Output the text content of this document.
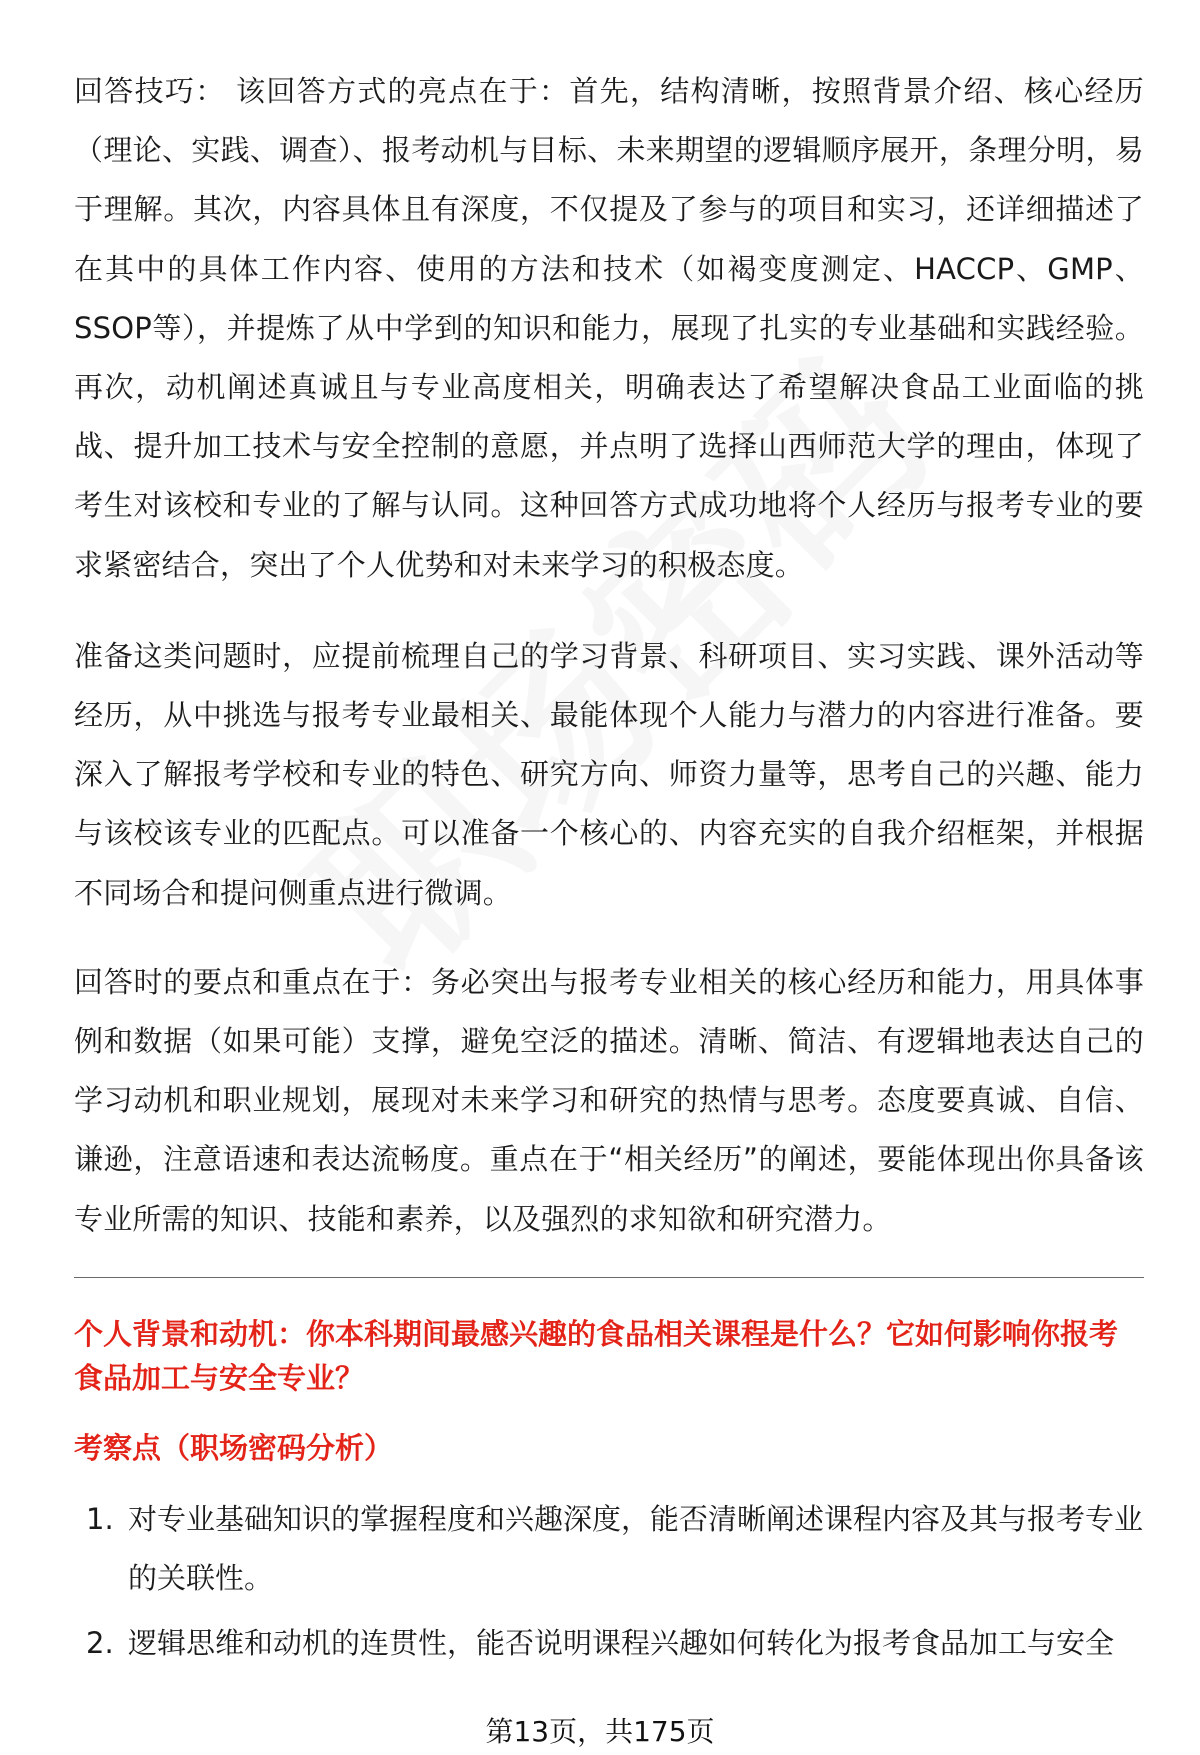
回答技巧： 该回答方式的亮点在于：首先，结构清晰，按照背景介绍、核心经历（理论、实践、调查）、报考动机与目标、未来期望的逻辑顺序展开，条理分明，易于理解。其次，内容具体且有深度，不仅提及了参与的项目和实习，还详细描述了在其中的具体工作内容、使用的方法和技术（如褐变度测定、HACCP、GMP、SSOP等），并提炼了从中学到的知识和能力，展现了扎实的专业基础和实践经验。再次，动机阐述真诚且与专业高度相关，明确表达了希望解决食品工业面临的挑战、提升加工技术与安全控制的意愿，并点明了选择山西师范大学的理由，体现了考生对该校和专业的了解与认同。这种回答方式成功地将个人经历与报考专业的要求紧密结合，突出了个人优势和对未来学习的积极态度。

准备这类问题时，应提前梳理自己的学习背景、科研项目、实习实践、课外活动等经历，从中挑选与报考专业最相关、最能体现个人能力与潜力的内容进行准备。要深入了解报考学校和专业的特色、研究方向、师资力量等，思考自己的兴趣、能力与该校该专业的匹配点。可以准备一个核心的、内容充实的自我介绍框架，并根据不同场合和提问侧重点进行微调。

回答时的要点和重点在于：务必突出与报考专业相关的核心经历和能力，用具体事例和数据（如果可能）支撑，避免空泛的描述。清晰、简洁、有逻辑地表达自己的学习动机和职业规划，展现对未来学习和研究的热情与思考。态度要真诚、自信、谦逊，注意语速和表达流畅度。重点在于“相关经历”的阐述，要能体现出你具备该专业所需的知识、技能和素养，以及强烈的求知欲和研究潜力。

个人背景和动机：你本科期间最感兴趣的食品相关课程是什么？它如何影响你报考食品加工与安全专业？
考察点（职场密码分析）
1. 对专业基础知识的掌握程度和兴趣深度，能否清晰阐述课程内容及其与报考专业的关联性。
2. 逻辑思维和动机的连贯性，能否说明课程兴趣如何转化为报考食品加工与安全
第13页，共175页
